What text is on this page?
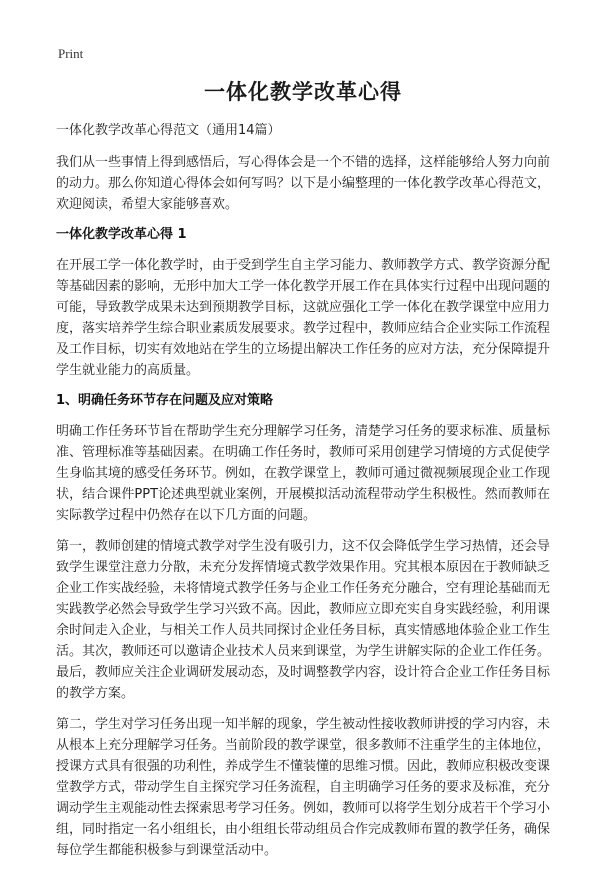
Print
一体化教学改革心得
一体化教学改革心得范文（通用14篇）

我们从一些事情上得到感悟后，写心得体会是一个不错的选择，这样能够给人努力向前的动力。那么你知道心得体会如何写吗？以下是小编整理的一体化教学改革心得范文，欢迎阅读，希望大家能够喜欢。

一体化教学改革心得 1

在开展工学一体化教学时，由于受到学生自主学习能力、教师教学方式、教学资源分配等基础因素的影响，无形中加大工学一体化教学开展工作在具体实行过程中出现问题的可能，导致教学成果未达到预期教学目标，这就应强化工学一体化在教学课堂中应用力度，落实培养学生综合职业素质发展要求。教学过程中，教师应结合企业实际工作流程及工作目标，切实有效地站在学生的立场提出解决工作任务的应对方法，充分保障提升学生就业能力的高质量。

1、明确任务环节存在问题及应对策略

明确工作任务环节旨在帮助学生充分理解学习任务，清楚学习任务的要求标准、质量标准、管理标准等基础因素。在明确工作任务时，教师可采用创建学习情境的方式促使学生身临其境的感受任务环节。例如，在教学课堂上，教师可通过微视频展现企业工作现状，结合课件PPT论述典型就业案例，开展模拟活动流程带动学生积极性。然而教师在实际教学过程中仍然存在以下几方面的问题。

第一，教师创建的情境式教学对学生没有吸引力，这不仅会降低学生学习热情，还会导致学生课堂注意力分散，未充分发挥情境式教学效果作用。究其根本原因在于教师缺乏企业工作实战经验，未将情境式教学任务与企业工作任务充分融合，空有理论基础而无实践教学必然会导致学生学习兴致不高。因此，教师应立即充实自身实践经验，利用课余时间走入企业，与相关工作人员共同探讨企业任务目标，真实情感地体验企业工作生活。其次，教师还可以邀请企业技术人员来到课堂，为学生讲解实际的企业工作任务。最后，教师应关注企业调研发展动态，及时调整教学内容，设计符合企业工作任务目标的教学方案。

第二，学生对学习任务出现一知半解的现象，学生被动性接收教师讲授的学习内容，未从根本上充分理解学习任务。当前阶段的教学课堂，很多教师不注重学生的主体地位，授课方式具有很强的功利性，养成学生不懂装懂的思维习惯。因此，教师应积极改变课堂教学方式，带动学生自主探究学习任务流程，自主明确学习任务的要求及标准，充分调动学生主观能动性去探索思考学习任务。例如，教师可以将学生划分成若干个学习小组，同时指定一名小组组长，由小组组长带动组员合作完成教师布置的教学任务，确保每位学生都能积极参与到课堂活动中。
